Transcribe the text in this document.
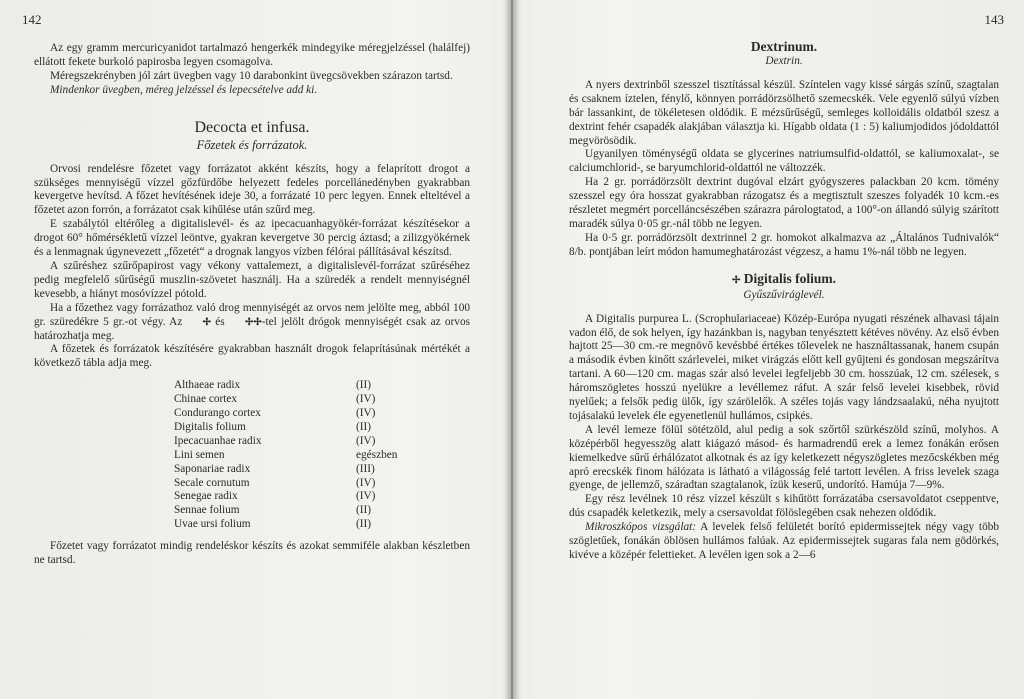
142

Az egy gramm mercuricyanidot tartalmazó hengerkék mindegyike méregjelzéssel (halálfej) ellátott fekete burkoló papirosba legyen csomagolva.

Méregszekrényben jól zárt üvegben vagy 10 darabonkint üvegcsövekben szárazon tartsd.

Mindenkor üvegben, méreg jelzéssel és lepecsételve add ki.

Decocta et infusa.

Főzetek és forrázatok.

Orvosi rendelésre főzetet vagy forrázatot akként készíts, hogy a felaprított drogot a szükséges mennyiségű vízzel gőzfürdőbe helyezett fedeles porcellánedényben gyakrabban kevergetve hevítsd. A főzet hevítésének ideje 30, a forrázaté 10 perc legyen. Ennek elteltével a főzetet azon forrón, a forrázatot csak kihűlése után szűrd meg.

E szabálytól eltérőleg a digitalislevél- és az ipecacuanhagyökér-forrázat készítésekor a drogot 60° hőmérsékletű vízzel leöntve, gyakran kevergetve 30 percig áztasd; a zilizgyökérnek és a lenmagnak úgynevezett „főzetét“ a drognak langyos vízben félórai pállításával készítsd.

A szűréshez szűrőpapirost vagy vékony vattalemezt, a digitalislevél-forrázat szűréséhez pedig megfelelő sűrűségű muszlin-szövetet használj. Ha a szüredék a rendelt mennyiségnél kevesebb, a hiányt mosóvízzel pótold.

Ha a főzethez vagy forrázathoz való drog mennyiségét az orvos nem jelölte meg, abból 100 gr. szüredékre 5 gr.-ot végy. Az ✢ és ✢✢-tel jelölt drógok mennyiségét csak az orvos határozhatja meg.

A főzetek és forrázatok készítésére gyakrabban használt drogok felaprításúnak mértékét a következő tábla adja meg.

Althaeae radix	(II)
Chinae cortex	(IV)
Condurango cortex	(IV)
Digitalis folium	(II)
Ipecacuanhae radix	(IV)
Lini semen	egészben
Saponariae radix	(III)
Secale cornutum	(IV)
Senegae radix	(IV)
Sennae folium	(II)
Uvae ursi folium	(II)

Főzetet vagy forrázatot mindig rendeléskor készíts és azokat semmiféle alakban készletben ne tartsd.

143

Dextrinum.

Dextrin.

A nyers dextrinből szesszel tisztítással készül. Színtelen vagy kissé sárgás színű, szagtalan és csaknem íztelen, fénylő, könnyen porrádörzsölhető szemecskék. Vele egyenlő súlyú vízben bár lassankint, de tökéletesen oldódik. E mézsűrűségű, semleges kolloidális oldatból szesz a dextrint fehér csapadék alakjában választja ki. Hígabb oldata (1 : 5) kaliumjodidos jódoldattól megvörösödik.

Ugyanilyen töménységű oldata se glycerines natriumsulfid-oldattól, se kaliumoxalat-, se calciumchlorid-, se baryumchlorid-oldattól ne változzék.

Ha 2 gr. porrádörzsölt dextrint dugóval elzárt gyógyszeres palackban 20 kcm. tömény szesszel egy óra hosszat gyakrabban rázogatsz és a megtisztult szeszes folyadék 10 kcm.-es részletet megmért porcelláncsészében szárazra párologtatod, a 100°-on állandó súlyig szárított maradék súlya 0·05 gr.-nál több ne legyen.

Ha 0·5 gr. porrádörzsölt dextrinnel 2 gr. homokot alkalmazva az „Általános Tudnivalók“ 8/b. pontjában leírt módon hamumeghatározást végzesz, a hamu 1%-nál több ne legyen.

✢ Digitalis folium.

Gyűszűviráglevél.

A Digitalis purpurea L. (Scrophulariaceae) Közép-Európa nyugati részének alhavasi tájain vadon élő, de sok helyen, így hazánkban is, nagyban tenyésztett kétéves növény. Az első évben hajtott 25—30 cm.-re megnövő kevésbbé értékes tőlevelek ne használtassanak, hanem csupán a második évben kinőtt szárlevelei, miket virágzás előtt kell gyűjteni és gondosan megszárítva tartani. A 60—120 cm. magas szár alsó levelei legfeljebb 30 cm. hosszúak, 12 cm. szélesek, s háromszögletes hosszú nyelükre a levéllemez ráfut. A szár felső levelei kisebbek, rövid nyelűek; a felsők pedig ülők, így szárölelők. A széles tojás vagy lándzsaalakú, néha nyujtott tojásalakú levelek éle egyenetlenül hullámos, csipkés.

A levél lemeze fölül sötétzöld, alul pedig a sok szőrtől szürkészöld színű, molyhos. A középérből hegyesszög alatt kiágazó másod- és harmadrendű erek a lemez fonákán erősen kiemelkedve sűrű érhálózatot alkotnak és az így keletkezett négyszögletes mezőcskékben még apró erecskék finom hálózata is látható a világosság felé tartott levélen. A friss levelek szaga gyenge, de jellemző, száradtan szagtalanok, ízük keserű, undorító. Hamúja 7—9%.

Egy rész levélnek 10 rész vízzel készült s kihűtött forrázatába csersavoldatot cseppentve, dús csapadék keletkezik, mely a csersavoldat fölöslegében csak nehezen oldódik.

Mikroszkópos vizsgálat: A levelek felső felületét borító epidermissejtek négy vagy több szögletűek, fonákán öblösen hullámos falúak. Az epidermissejtek sugaras fala nem gödörkés, kivéve a középér felettieket. A levélen igen sok a 2—6
